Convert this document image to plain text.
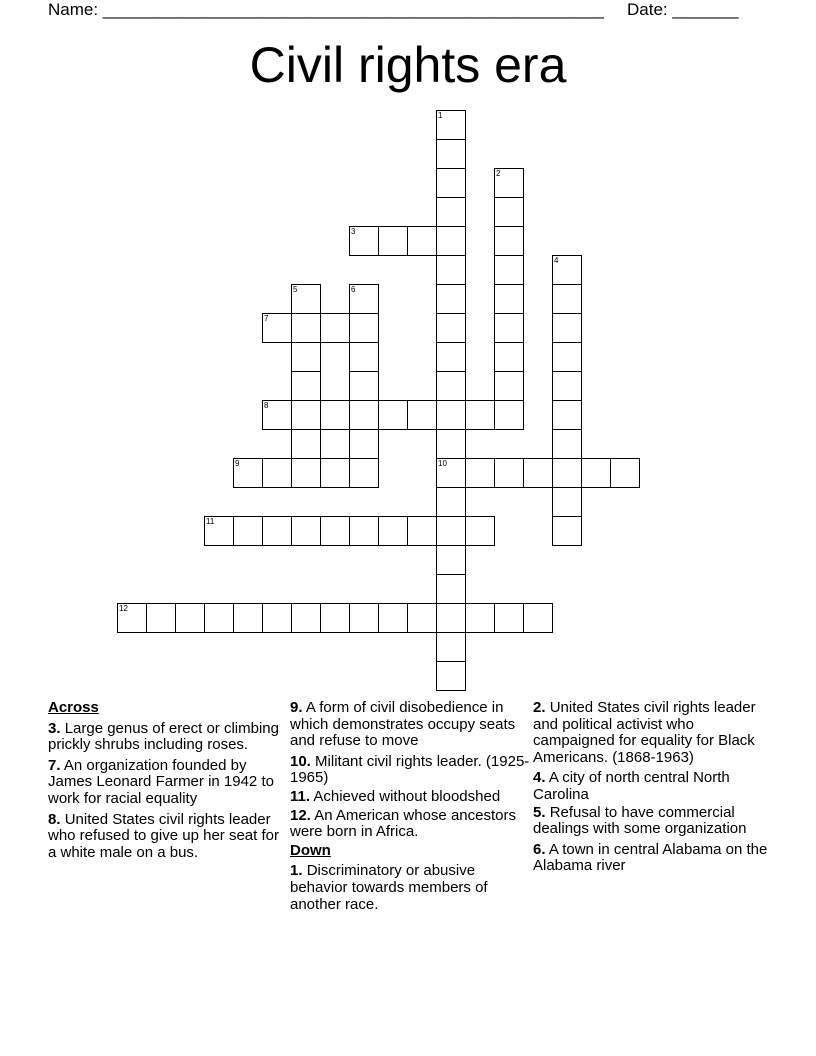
Name: _____________________________________________________ Date: _______
Civil rights era
1
10
2
3
4
5	6
7
8
9
11
12
Across
3. Large genus of erect or climbing prickly shrubs including roses.
7. An organization founded by James Leonard Farmer in 1942 to work for racial equality
8. United States civil rights leader who refused to give up her seat for a white male on a bus.
9. A form of civil disobedience in which demonstrates occupy seats and refuse to move
10. Militant civil rights leader. (1925-1965)
11. Achieved without bloodshed
12. An American whose ancestors were born in Africa.
Down
1. Discriminatory or abusive behavior towards members of another race.
2. United States civil rights leader and political activist who campaigned for equality for Black Americans. (1868-1963)
4. A city of north central North Carolina
5. Refusal to have commercial dealings with some organization
6. A town in central Alabama on the Alabama river
